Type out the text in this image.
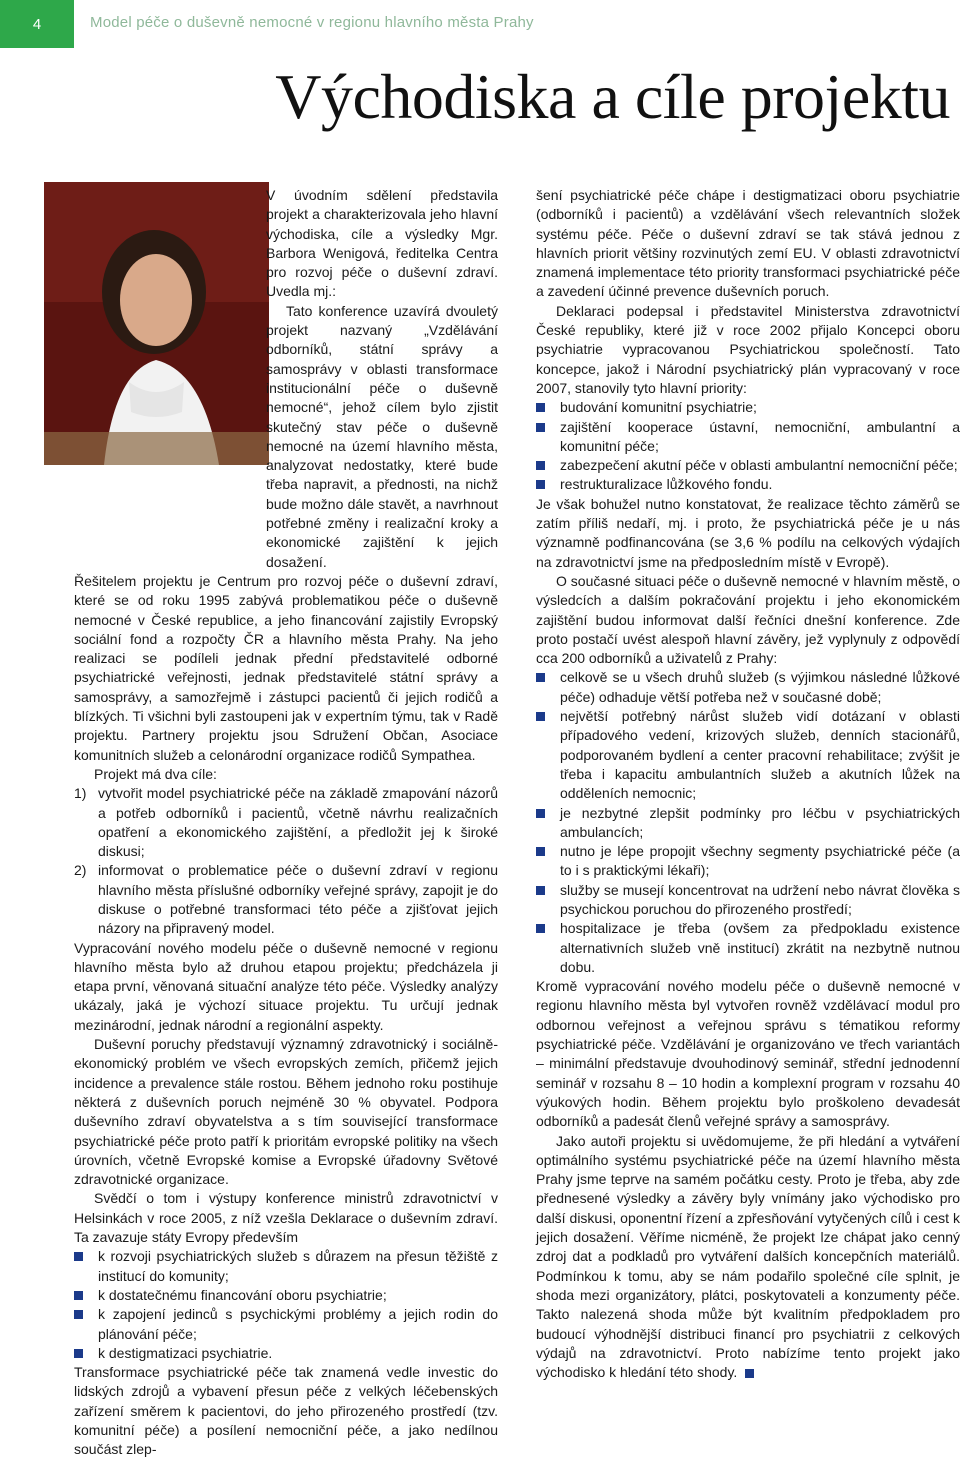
4	Model péče o duševně nemocné v regionu hlavního města Prahy
Východiska a cíle projektu

V úvodním sdělení představila projekt a charakterizovala jeho hlavní východiska, cíle a výsledky Mgr. Barbora Wenigová, ředitelka Centra pro rozvoj péče o duševní zdraví. Uvedla mj.:

Tato konference uzavírá dvouletý projekt nazvaný „Vzdělávání odborníků, státní správy a samosprávy v oblasti transformace institucionální péče o duševně nemocné“, jehož cílem bylo zjistit skutečný stav péče o duševně nemocné na území hlavního města, analyzovat nedostatky, které bude třeba napravit, a přednosti, na nichž bude možno dále stavět, a navrhnout potřebné změny i realizační kroky a ekonomické zajištění k jejich dosažení.

Řešitelem projektu je Centrum pro rozvoj péče o duševní zdraví, které se od roku 1995 zabývá problematikou péče o duševně nemocné v České republice, a jeho financování zajistily Evropský sociální fond a rozpočty ČR a hlavního města Prahy. Na jeho realizaci se podíleli jednak přední představitelé odborné psychiatrické veřejnosti, jednak představitelé státní správy a samosprávy, a samozřejmě i zástupci pacientů či jejich rodičů a blízkých. Ti všichni byli zastoupeni jak v expertním týmu, tak v Radě projektu. Partnery projektu jsou Sdružení Občan, Asociace komunitních služeb a celonárodní organizace rodičů Sympathea.

Projekt má dva cíle:

1) vytvořit model psychiatrické péče na základě zmapování názorů a potřeb odborníků i pacientů, včetně návrhu realizačních opatření a ekonomického zajištění, a předložit jej k široké diskusi;
2) informovat o problematice péče o duševní zdraví v regionu hlavního města příslušné odborníky veřejné správy, zapojit je do diskuse o potřebné transformaci této péče a zjišťovat jejich názory na připravený model.

Vypracování nového modelu péče o duševně nemocné v regionu hlavního města bylo až druhou etapou projektu; předcházela ji etapa první, věnovaná situační analýze této péče. Výsledky analýzy ukázaly, jaká je výchozí situace projektu. Tu určují jednak mezinárodní, jednak národní a regionální aspekty.

Duševní poruchy představují významný zdravotnický i sociálně-ekonomický problém ve všech evropských zemích, přičemž jejich incidence a prevalence stále rostou. Během jednoho roku postihuje některá z duševních poruch nejméně 30 % obyvatel. Podpora duševního zdraví obyvatelstva a s tím související transformace psychiatrické péče proto patří k prioritám evropské politiky na všech úrovních, včetně Evropské komise a Evropské úřadovny Světové zdravotnické organizace.

Svědčí o tom i výstupy konference ministrů zdravotnictví v Helsinkách v roce 2005, z níž vzešla Deklarace o duševním zdraví. Ta zavazuje státy Evropy především

k rozvoji psychiatrických služeb s důrazem na přesun těžiště z institucí do komunity;
k dostatečnému financování oboru psychiatrie;
k zapojení jedinců s psychickými problémy a jejich rodin do plánování péče;
k destigmatizaci psychiatrie.

Transformace psychiatrické péče tak znamená vedle investic do lidských zdrojů a vybavení přesun péče z velkých léčebenských zařízení směrem k pacientovi, do jeho přirozeného prostředí (tzv. komunitní péče) a posílení nemocniční péče, a jako nedílnou součást zlep-

šení psychiatrické péče chápe i destigmatizaci oboru psychiatrie (odborníků i pacientů) a vzdělávání všech relevantních složek systému péče. Péče o duševní zdraví se tak stává jednou z hlavních priorit většiny rozvinutých zemí EU. V oblasti zdravotnictví znamená implementace této priority transformaci psychiatrické péče a zavedení účinné prevence duševních poruch.

Deklaraci podepsal i představitel Ministerstva zdravotnictví České republiky, které již v roce 2002 přijalo Koncepci oboru psychiatrie vypracovanou Psychiatrickou společností. Tato koncepce, jakož i Národní psychiatrický plán vypracovaný v roce 2007, stanovily tyto hlavní priority:

budování komunitní psychiatrie;
zajištění kooperace ústavní, nemocniční, ambulantní a komunitní péče;
zabezpečení akutní péče v oblasti ambulantní nemocniční péče;
restrukturalizace lůžkového fondu.

Je však bohužel nutno konstatovat, že realizace těchto záměrů se zatím příliš nedaří, mj. i proto, že psychiatrická péče je u nás významně podfinancována (se 3,6 % podílu na celkových výdajích na zdravotnictví jsme na předposledním místě v Evropě).

O současné situaci péče o duševně nemocné v hlavním městě, o výsledcích a dalším pokračování projektu i jeho ekonomickém zajištění budou informovat další řečníci dnešní konference. Zde proto postačí uvést alespoň hlavní závěry, jež vyplynuly z odpovědí cca 200 odborníků a uživatelů z Prahy:

celkově se u všech druhů služeb (s výjimkou následné lůžkové péče) odhaduje větší potřeba než v současné době;
největší potřebný nárůst služeb vidí dotázaní v oblasti případového vedení, krizových služeb, denních stacionářů, podporovaném bydlení a center pracovní rehabilitace; zvýšit je třeba i kapacitu ambulantních služeb a akutních lůžek na odděleních nemocnic;
je nezbytné zlepšit podmínky pro léčbu v psychiatrických ambulancích;
nutno je lépe propojit všechny segmenty psychiatrické péče (a to i s praktickými lékaři);
služby se musejí koncentrovat na udržení nebo návrat člověka s psychickou poruchou do přirozeného prostředí;
hospitalizace je třeba (ovšem za předpokladu existence alternativních služeb vně institucí) zkrátit na nezbytně nutnou dobu.

Kromě vypracování nového modelu péče o duševně nemocné v regionu hlavního města byl vytvořen rovněž vzdělávací modul pro odbornou veřejnost a veřejnou správu s tématikou reformy psychiatrické péče. Vzdělávání je organizováno ve třech variantách – minimální představuje dvouhodinový seminář, střední jednodenní seminář v rozsahu 8 – 10 hodin a komplexní program v rozsahu 40 výukových hodin. Během projektu bylo proškoleno devadesát odborníků a padesát členů veřejné správy a samosprávy.

Jako autoři projektu si uvědomujeme, že při hledání a vytváření optimálního systému psychiatrické péče na území hlavního města Prahy jsme teprve na samém počátku cesty. Proto je třeba, aby zde přednesené výsledky a závěry byly vnímány jako východisko pro další diskusi, oponentní řízení a zpřesňování vytyčených cílů i cest k jejich dosažení. Věříme nicméně, že projekt lze chápat jako cenný zdroj dat a podkladů pro vytváření dalších koncepčních materiálů. Podmínkou k tomu, aby se nám podařilo společné cíle splnit, je shoda mezi organizátory, plátci, poskytovateli a konzumenty péče. Takto nalezená shoda může být kvalitním předpokladem pro budoucí výhodnější distribuci financí pro psychiatrii z celkových výdajů na zdravotnictví. Proto nabízíme tento projekt jako východisko k hledání této shody.
